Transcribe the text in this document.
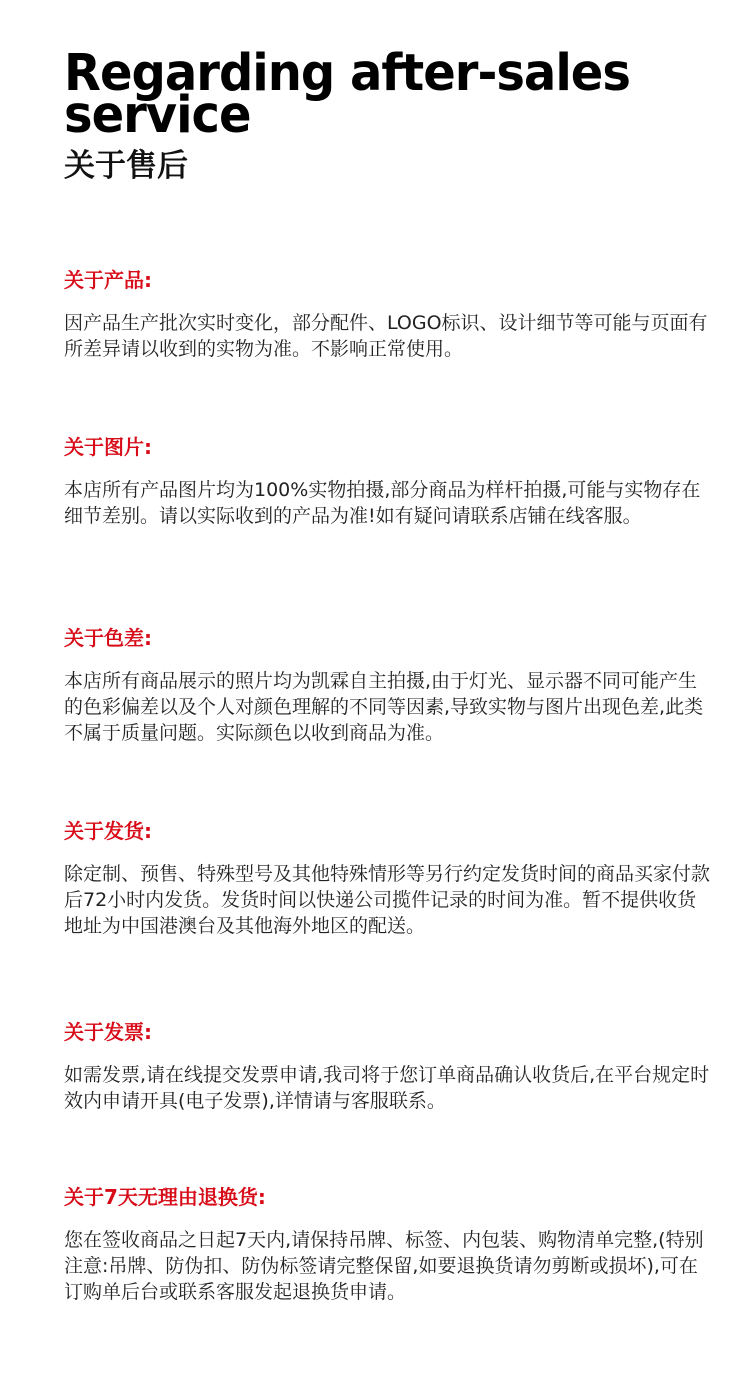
Regarding after-sales service
关于售后
关于产品:

因产品生产批次实时变化，部分配件、LOGO标识、设计细节等可能与页面有所差异请以收到的实物为准。不影响正常使用。

关于图片:

本店所有产品图片均为100%实物拍摄,部分商品为样杆拍摄,可能与实物存在细节差别。请以实际收到的产品为准!如有疑问请联系店铺在线客服。

关于色差:

本店所有商品展示的照片均为凯霖自主拍摄,由于灯光、显示器不同可能产生的色彩偏差以及个人对颜色理解的不同等因素,导致实物与图片出现色差,此类不属于质量问题。实际颜色以收到商品为准。

关于发货:

除定制、预售、特殊型号及其他特殊情形等另行约定发货时间的商品买家付款后72小时内发货。发货时间以快递公司揽件记录的时间为准。暂不提供收货地址为中国港澳台及其他海外地区的配送。

关于发票:

如需发票,请在线提交发票申请,我司将于您订单商品确认收货后,在平台规定时效内申请开具(电子发票),详情请与客服联系。

关于7天无理由退换货:

您在签收商品之日起7天内,请保持吊牌、标签、内包装、购物清单完整,(特别注意:吊牌、防伪扣、防伪标签请完整保留,如要退换货请勿剪断或损坏),可在订购单后台或联系客服发起退换货申请。
